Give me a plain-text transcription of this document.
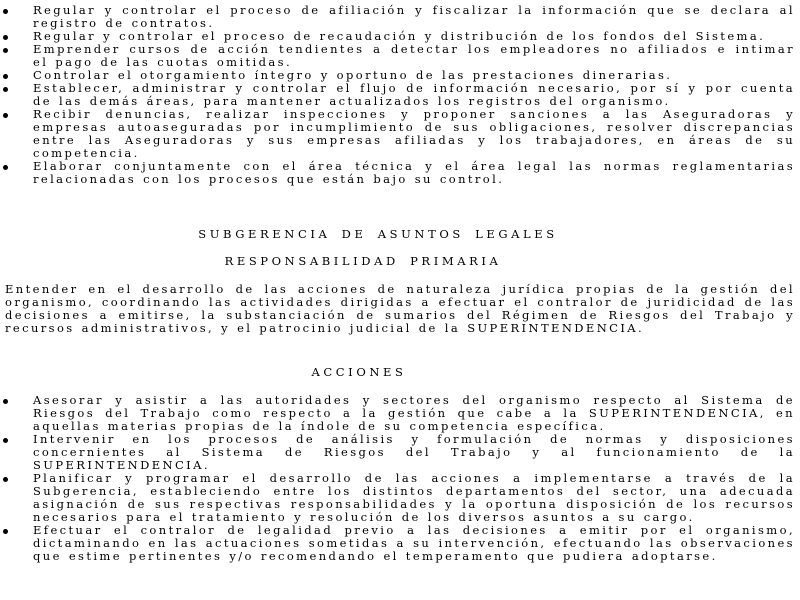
Regular y controlar el proceso de afiliación y fiscalizar la información que se declara al registro de contratos.
Regular y controlar el proceso de recaudación y distribución de los fondos del Sistema.
Emprender cursos de acción tendientes a detectar los empleadores no afiliados e intimar el pago de las cuotas omitidas.
Controlar el otorgamiento íntegro y oportuno de las prestaciones dinerarias.
Establecer, administrar y controlar el flujo de información necesario, por sí y por cuenta de las demás áreas, para mantener actualizados los registros del organismo.
Recibir denuncias, realizar inspecciones y proponer sanciones a las Aseguradoras y empresas autoaseguradas por incumplimiento de sus obligaciones, resolver discrepancias entre las Aseguradoras y sus empresas afiliadas y los trabajadores, en áreas de su competencia.
Elaborar conjuntamente con el área técnica y el área legal las normas reglamentarias relacionadas con los procesos que están bajo su control.
SUBGERENCIA DE ASUNTOS LEGALES
RESPONSABILIDAD PRIMARIA
Entender en el desarrollo de las acciones de naturaleza jurídica propias de la gestión del organismo, coordinando las actividades dirigidas a efectuar el contralor de juridicidad de las decisiones a emitirse, la substanciación de sumarios del Régimen de Riesgos del Trabajo y recursos administrativos, y el patrocinio judicial de la SUPERINTENDENCIA.
ACCIONES
Asesorar y asistir a las autoridades y sectores del organismo respecto al Sistema de Riesgos del Trabajo como respecto a la gestión que cabe a la SUPERINTENDENCIA, en aquellas materias propias de la índole de su competencia específica.
Intervenir en los procesos de análisis y formulación de normas y disposiciones concernientes al Sistema de Riesgos del Trabajo y al funcionamiento de la SUPERINTENDENCIA.
Planificar y programar el desarrollo de las acciones a implementarse a través de la Subgerencia, estableciendo entre los distintos departamentos del sector, una adecuada asignación de sus respectivas responsabilidades y la oportuna disposición de los recursos necesarios para el tratamiento y resolución de los diversos asuntos a su cargo.
Efectuar el contralor de legalidad previo a las decisiones a emitir por el organismo, dictaminando en las actuaciones sometidas a su intervención, efectuando las observaciones que estime pertinentes y/o recomendando el temperamento que pudiera adoptarse.
